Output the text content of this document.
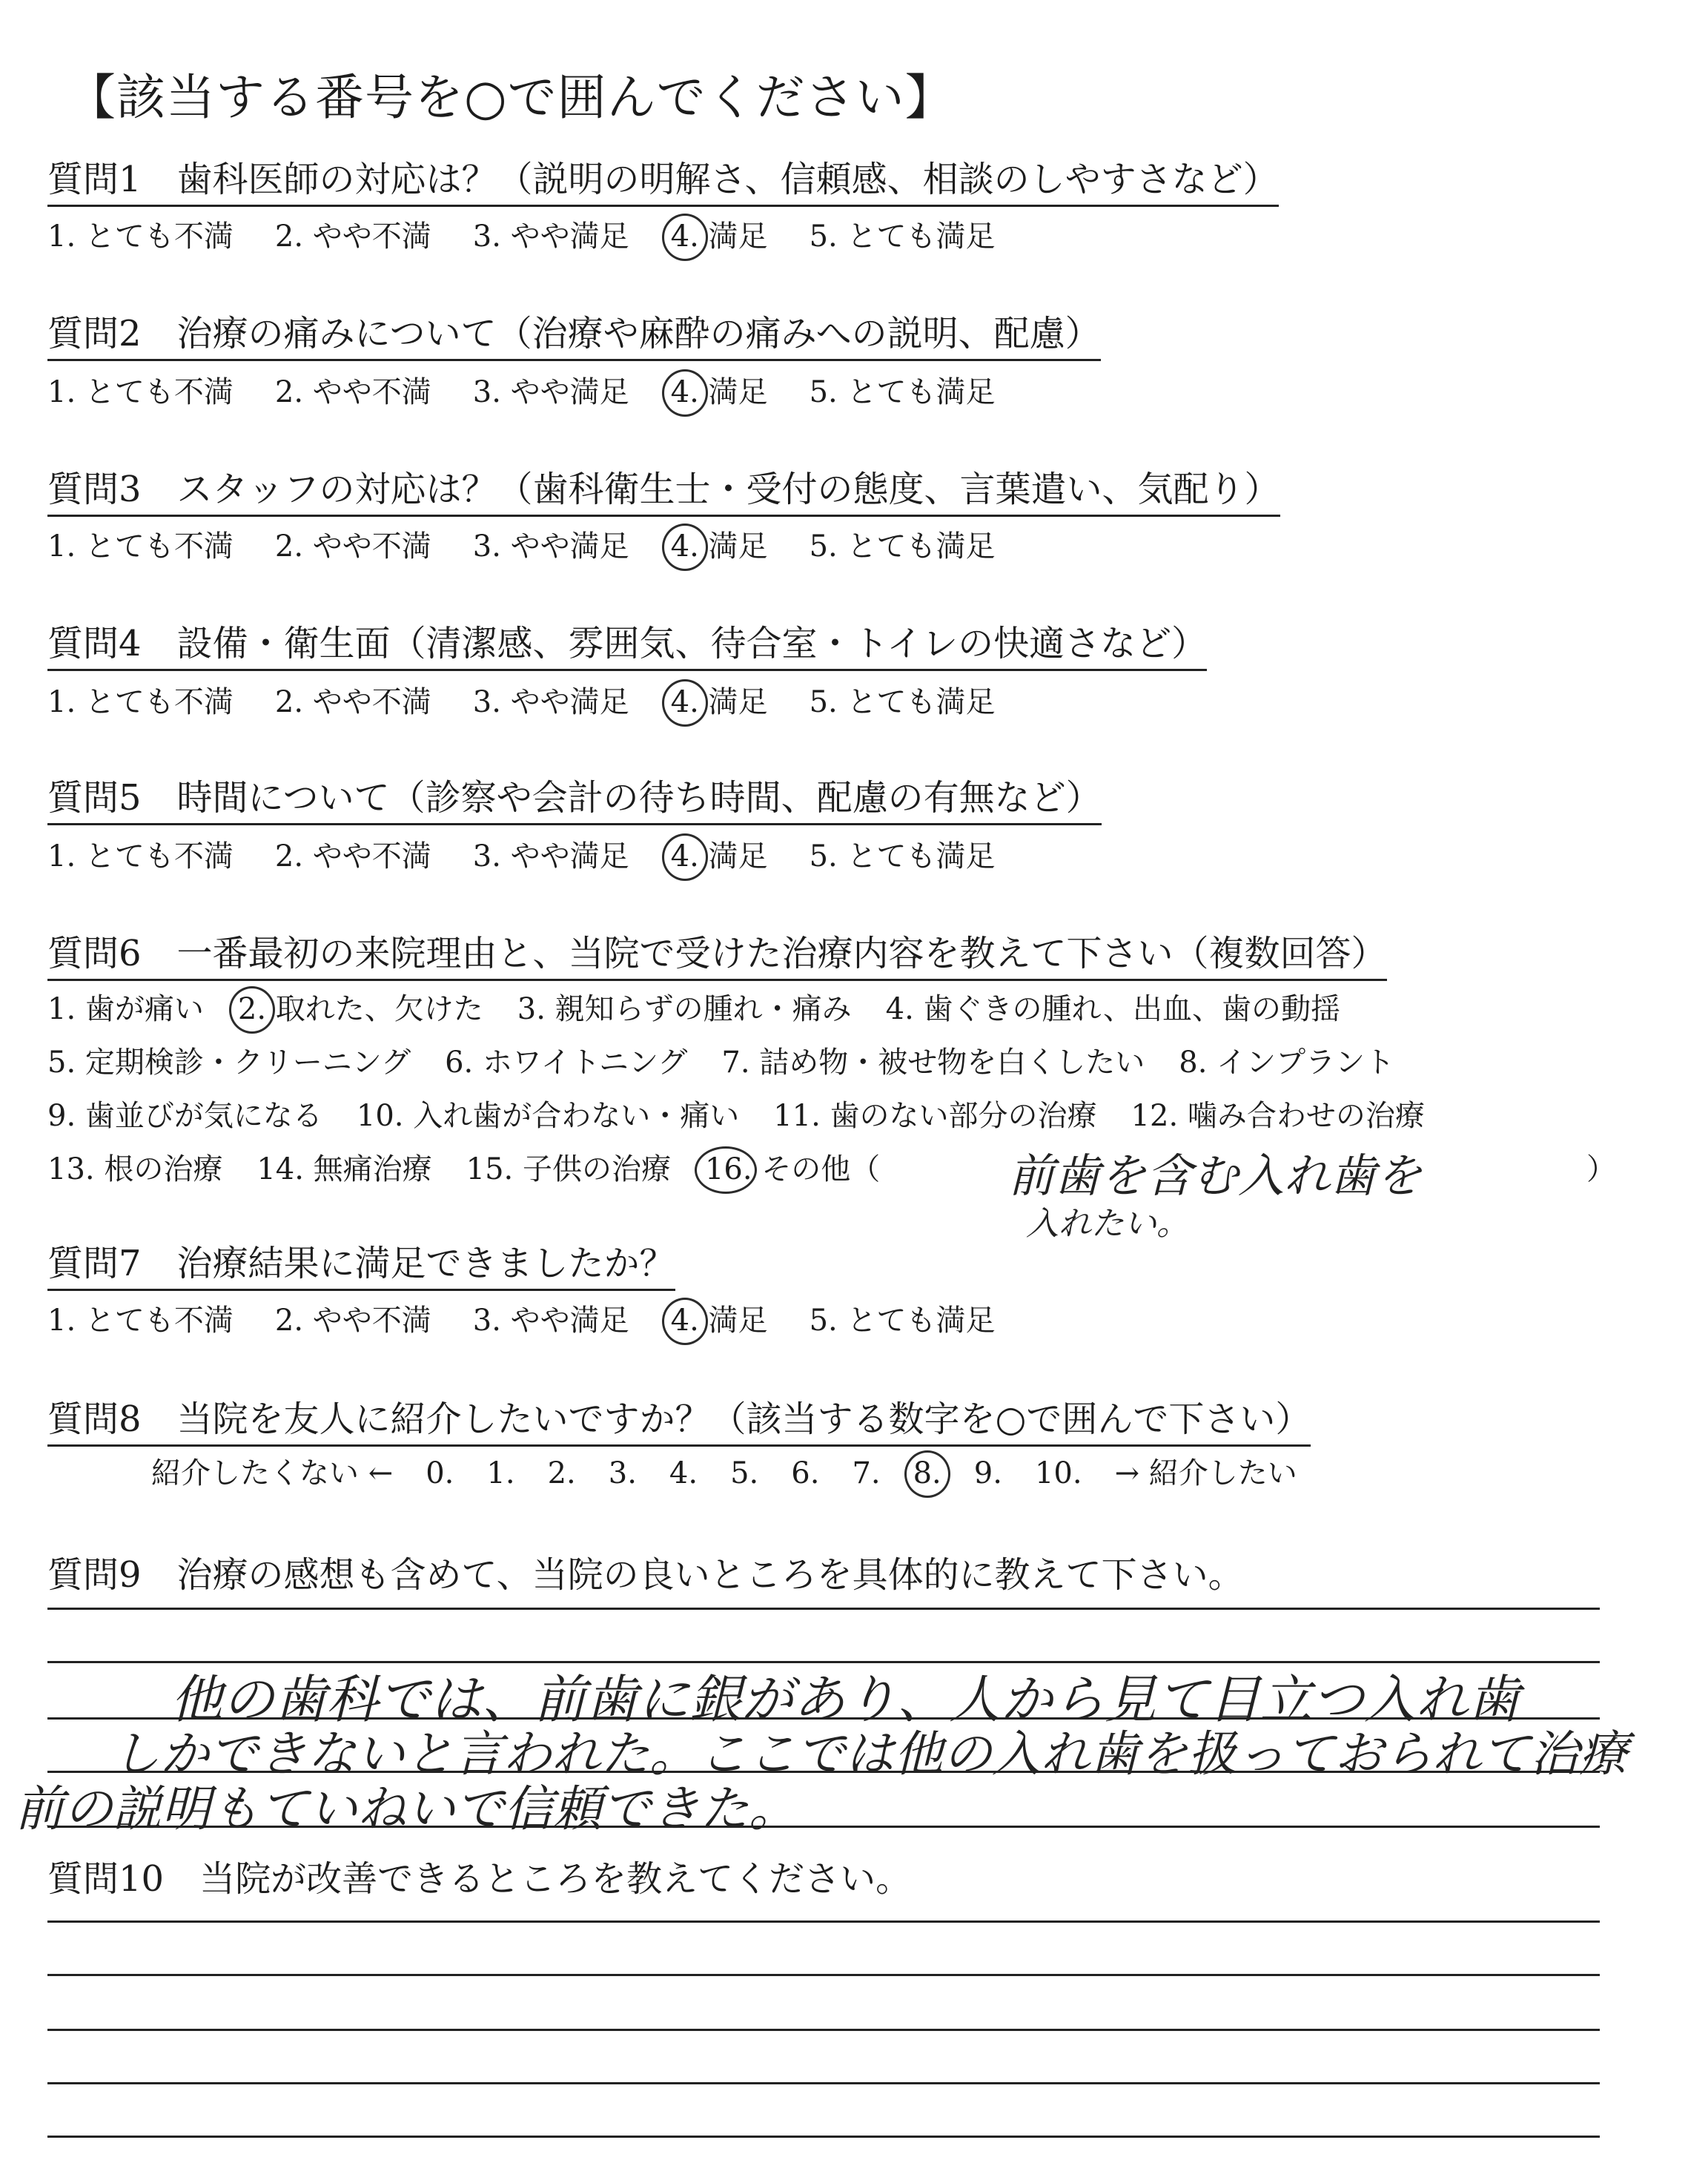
【該当する番号を○で囲んでください】
質問1　歯科医師の対応は？（説明の明解さ、信頼感、相談のしやすさなど）
1. とても不満 2. やや不満 3. やや満足 4. 満足 5. とても満足
質問2　治療の痛みについて（治療や麻酔の痛みへの説明、配慮）
1. とても不満 2. やや不満 3. やや満足 4. 満足 5. とても満足
質問3　スタッフの対応は？（歯科衛生士・受付の態度、言葉遣い、気配り）
1. とても不満 2. やや不満 3. やや満足 4. 満足 5. とても満足
質問4　設備・衛生面（清潔感、雰囲気、待合室・トイレの快適さなど）
1. とても不満 2. やや不満 3. やや満足 4. 満足 5. とても満足
質問5　時間について（診察や会計の待ち時間、配慮の有無など）
1. とても不満 2. やや不満 3. やや満足 4. 満足 5. とても満足
質問6　一番最初の来院理由と、当院で受けた治療内容を教えて下さい（複数回答）
1. 歯が痛い 2. 取れた、欠けた 3. 親知らずの腫れ・痛み 4. 歯ぐきの腫れ、出血、歯の動揺
5. 定期検診・クリーニング 6. ホワイトニング 7. 詰め物・被せ物を白くしたい 8. インプラント
9. 歯並びが気になる 10. 入れ歯が合わない・痛い 11. 歯のない部分の治療 12. 噛み合わせの治療
13. 根の治療 14. 無痛治療 15. 子供の治療 16. その他（	前歯を含む入れ歯を	）
入れたい。
質問7　治療結果に満足できましたか？
1. とても不満 2. やや不満 3. やや満足 4. 満足 5. とても満足
質問8　当院を友人に紹介したいですか？（該当する数字を○で囲んで下さい）
紹介したくない ← 0. 1. 2. 3. 4. 5. 6. 7. 8. 9. 10. → 紹介したい
質問9　治療の感想も含めて、当院の良いところを具体的に教えて下さい。
他の歯科では、前歯に銀があり、人から見て目立つ入れ歯
しかできないと言われた。ここでは他の入れ歯を扱っておられて治療
前の説明もていねいで信頼できた。
質問10　当院が改善できるところを教えてください。
